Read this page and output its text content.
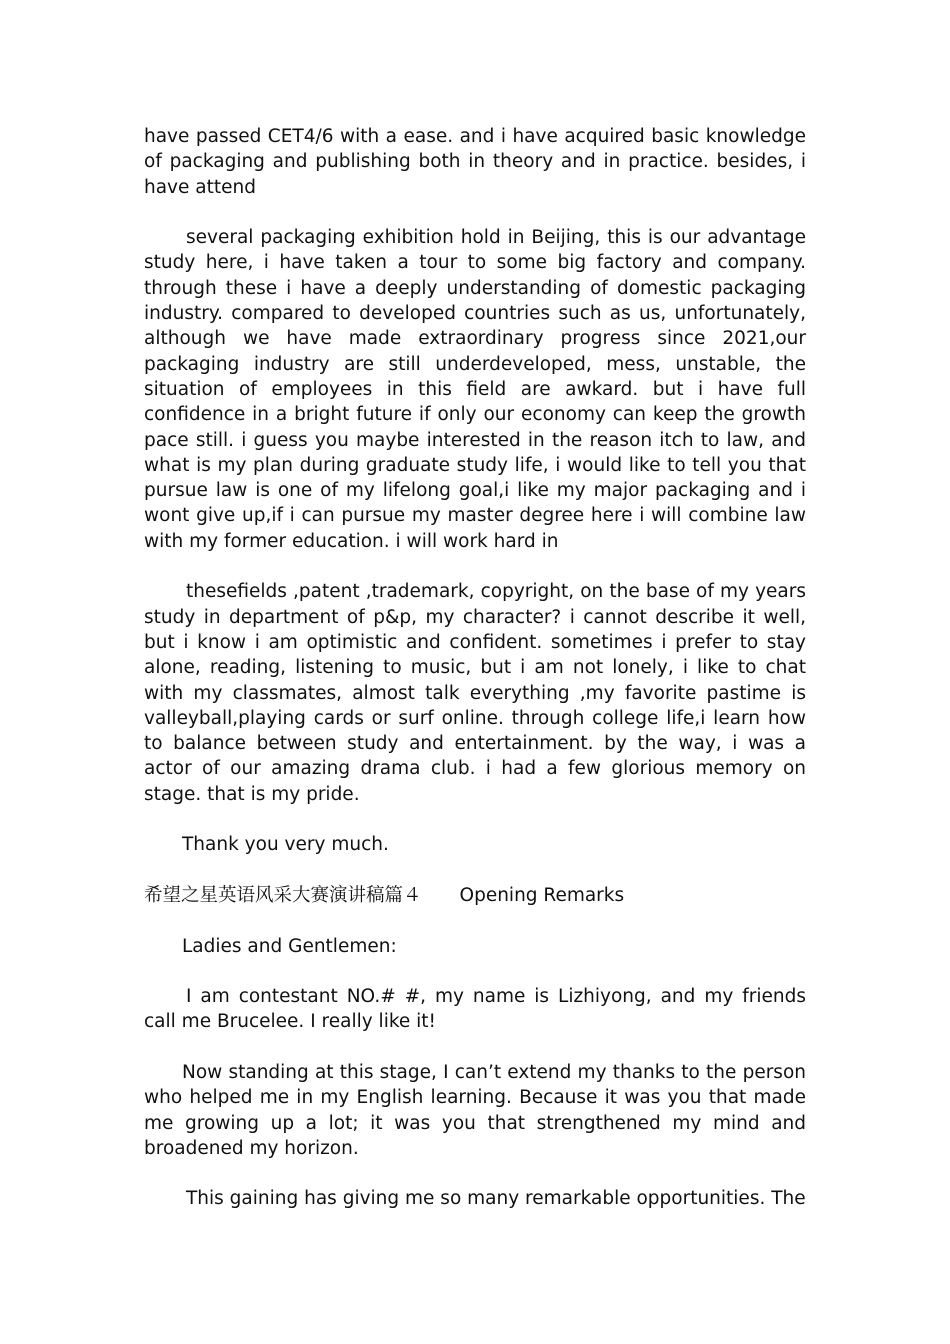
have passed CET4/6 with a ease. and i have acquired basic knowledge of packaging and publishing both in theory and in practice. besides, i have attend

several packaging exhibition hold in Beijing, this is our advantage study here, i have taken a tour to some big factory and company. through these i have a deeply understanding of domestic packaging industry. compared to developed countries such as us, unfortunately, although we have made extraordinary progress since 2021,our packaging industry are still underdeveloped, mess, unstable, the situation of employees in this field are awkard. but i have full confidence in a bright future if only our economy can keep the growth pace still. i guess you maybe interested in the reason itch to law, and what is my plan during graduate study life, i would like to tell you that pursue law is one of my lifelong goal,i like my major packaging and i wont give up,if i can pursue my master degree here i will combine law with my former education. i will work hard in

thesefields ,patent ,trademark, copyright, on the base of my years study in department of p&p, my character? i cannot describe it well, but i know i am optimistic and confident. sometimes i prefer to stay alone, reading, listening to music, but i am not lonely, i like to chat with my classmates, almost talk everything ,my favorite pastime is valleyball,playing cards or surf online. through college life,i learn how to balance between study and entertainment. by the way, i was a actor of our amazing drama club. i had a few glorious memory on stage. that is my pride.

Thank you very much.

希望之星英语风采大赛演讲稿篇４ Opening Remarks

Ladies and Gentlemen:

I am contestant NO.# #, my name is Lizhiyong, and my friends call me Brucelee. I really like it!

Now standing at this stage, I can’t extend my thanks to the person who helped me in my English learning. Because it was you that made me growing up a lot; it was you that strengthened my mind and broadened my horizon.

This gaining has giving me so many remarkable opportunities. The
